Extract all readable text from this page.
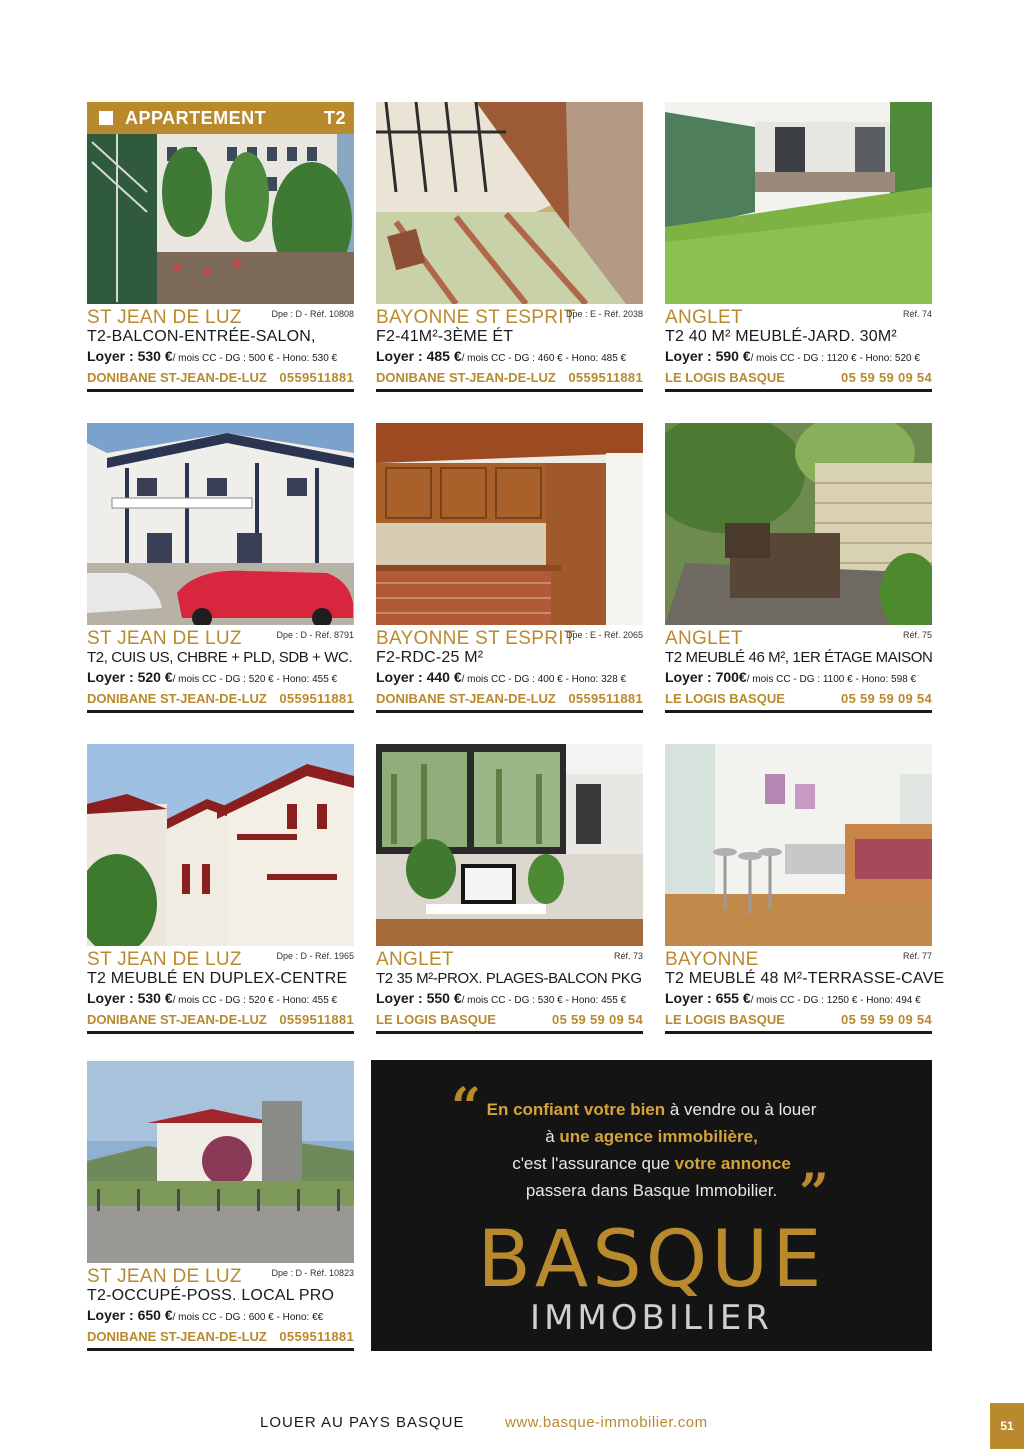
APPARTEMENT	T2
ST JEAN DE LUZ	Dpe : D - Réf. 10808
T2-BALCON-ENTRÉE-SALON,
Loyer : 530 €/ mois CC - DG : 500 € - Hono: 530 €
DONIBANE ST-JEAN-DE-LUZ 0559511881
BAYONNE ST ESPRIT
Dpe : E - Réf. 2038
F2-41M²-3ÈME ÉT
Loyer : 485 €/ mois CC - DG : 460 € - Hono: 485 €
DONIBANE ST-JEAN-DE-LUZ 0559511881
ANGLET	Réf. 74
T2 40 M² MEUBLÉ-JARD. 30M²
Loyer : 590 €/ mois CC - DG : 1120 € - Hono: 520 €
LE LOGIS BASQUE	05 59 59 09 54
ST JEAN DE LUZ	Dpe : D - Réf. 8791
T2, CUIS US, CHBRE + PLD, SDB + WC.
Loyer : 520 €/ mois CC - DG : 520 € - Hono: 455 €
DONIBANE ST-JEAN-DE-LUZ 0559511881
BAYONNE ST ESPRIT
Dpe : E - Réf. 2065
F2-RDC-25 M²
Loyer : 440 €/ mois CC - DG : 400 € - Hono: 328 €
DONIBANE ST-JEAN-DE-LUZ 0559511881
ANGLET	Réf. 75
T2 MEUBLÉ 46 M², 1ER ÉTAGE MAISON
Loyer : 700€/ mois CC - DG : 1100 € - Hono: 598 €
LE LOGIS BASQUE	05 59 59 09 54
ST JEAN DE LUZ	Dpe : D - Réf. 1965
T2 MEUBLÉ EN DUPLEX-CENTRE
Loyer : 530 €/ mois CC - DG : 520 € - Hono: 455 €
DONIBANE ST-JEAN-DE-LUZ 0559511881
ANGLET	Réf. 73
T2 35 M²-PROX. PLAGES-BALCON PKG
Loyer : 550 €/ mois CC - DG : 530 € - Hono: 455 €
LE LOGIS BASQUE	05 59 59 09 54
BAYONNE	Réf. 77
T2 MEUBLÉ 48 M²-TERRASSE-CAVE
Loyer : 655 €/ mois CC - DG : 1250 € - Hono: 494 €
LE LOGIS BASQUE	05 59 59 09 54
ST JEAN DE LUZ	Dpe : D - Réf. 10823
T2-OCCUPÉ-POSS. LOCAL PRO
Loyer : 650 €/ mois CC - DG : 600 € - Hono: €€
DONIBANE ST-JEAN-DE-LUZ 0559511881
“ En confiant votre bien à vendre ou à louer
à une agence immobilière,
c'est l'assurance que votre annonce
passera dans Basque Immobilier. ”
BASQUE
IMMOBILIER
LOUER AU PAYS BASQUE	www.basque-immobilier.com	51
